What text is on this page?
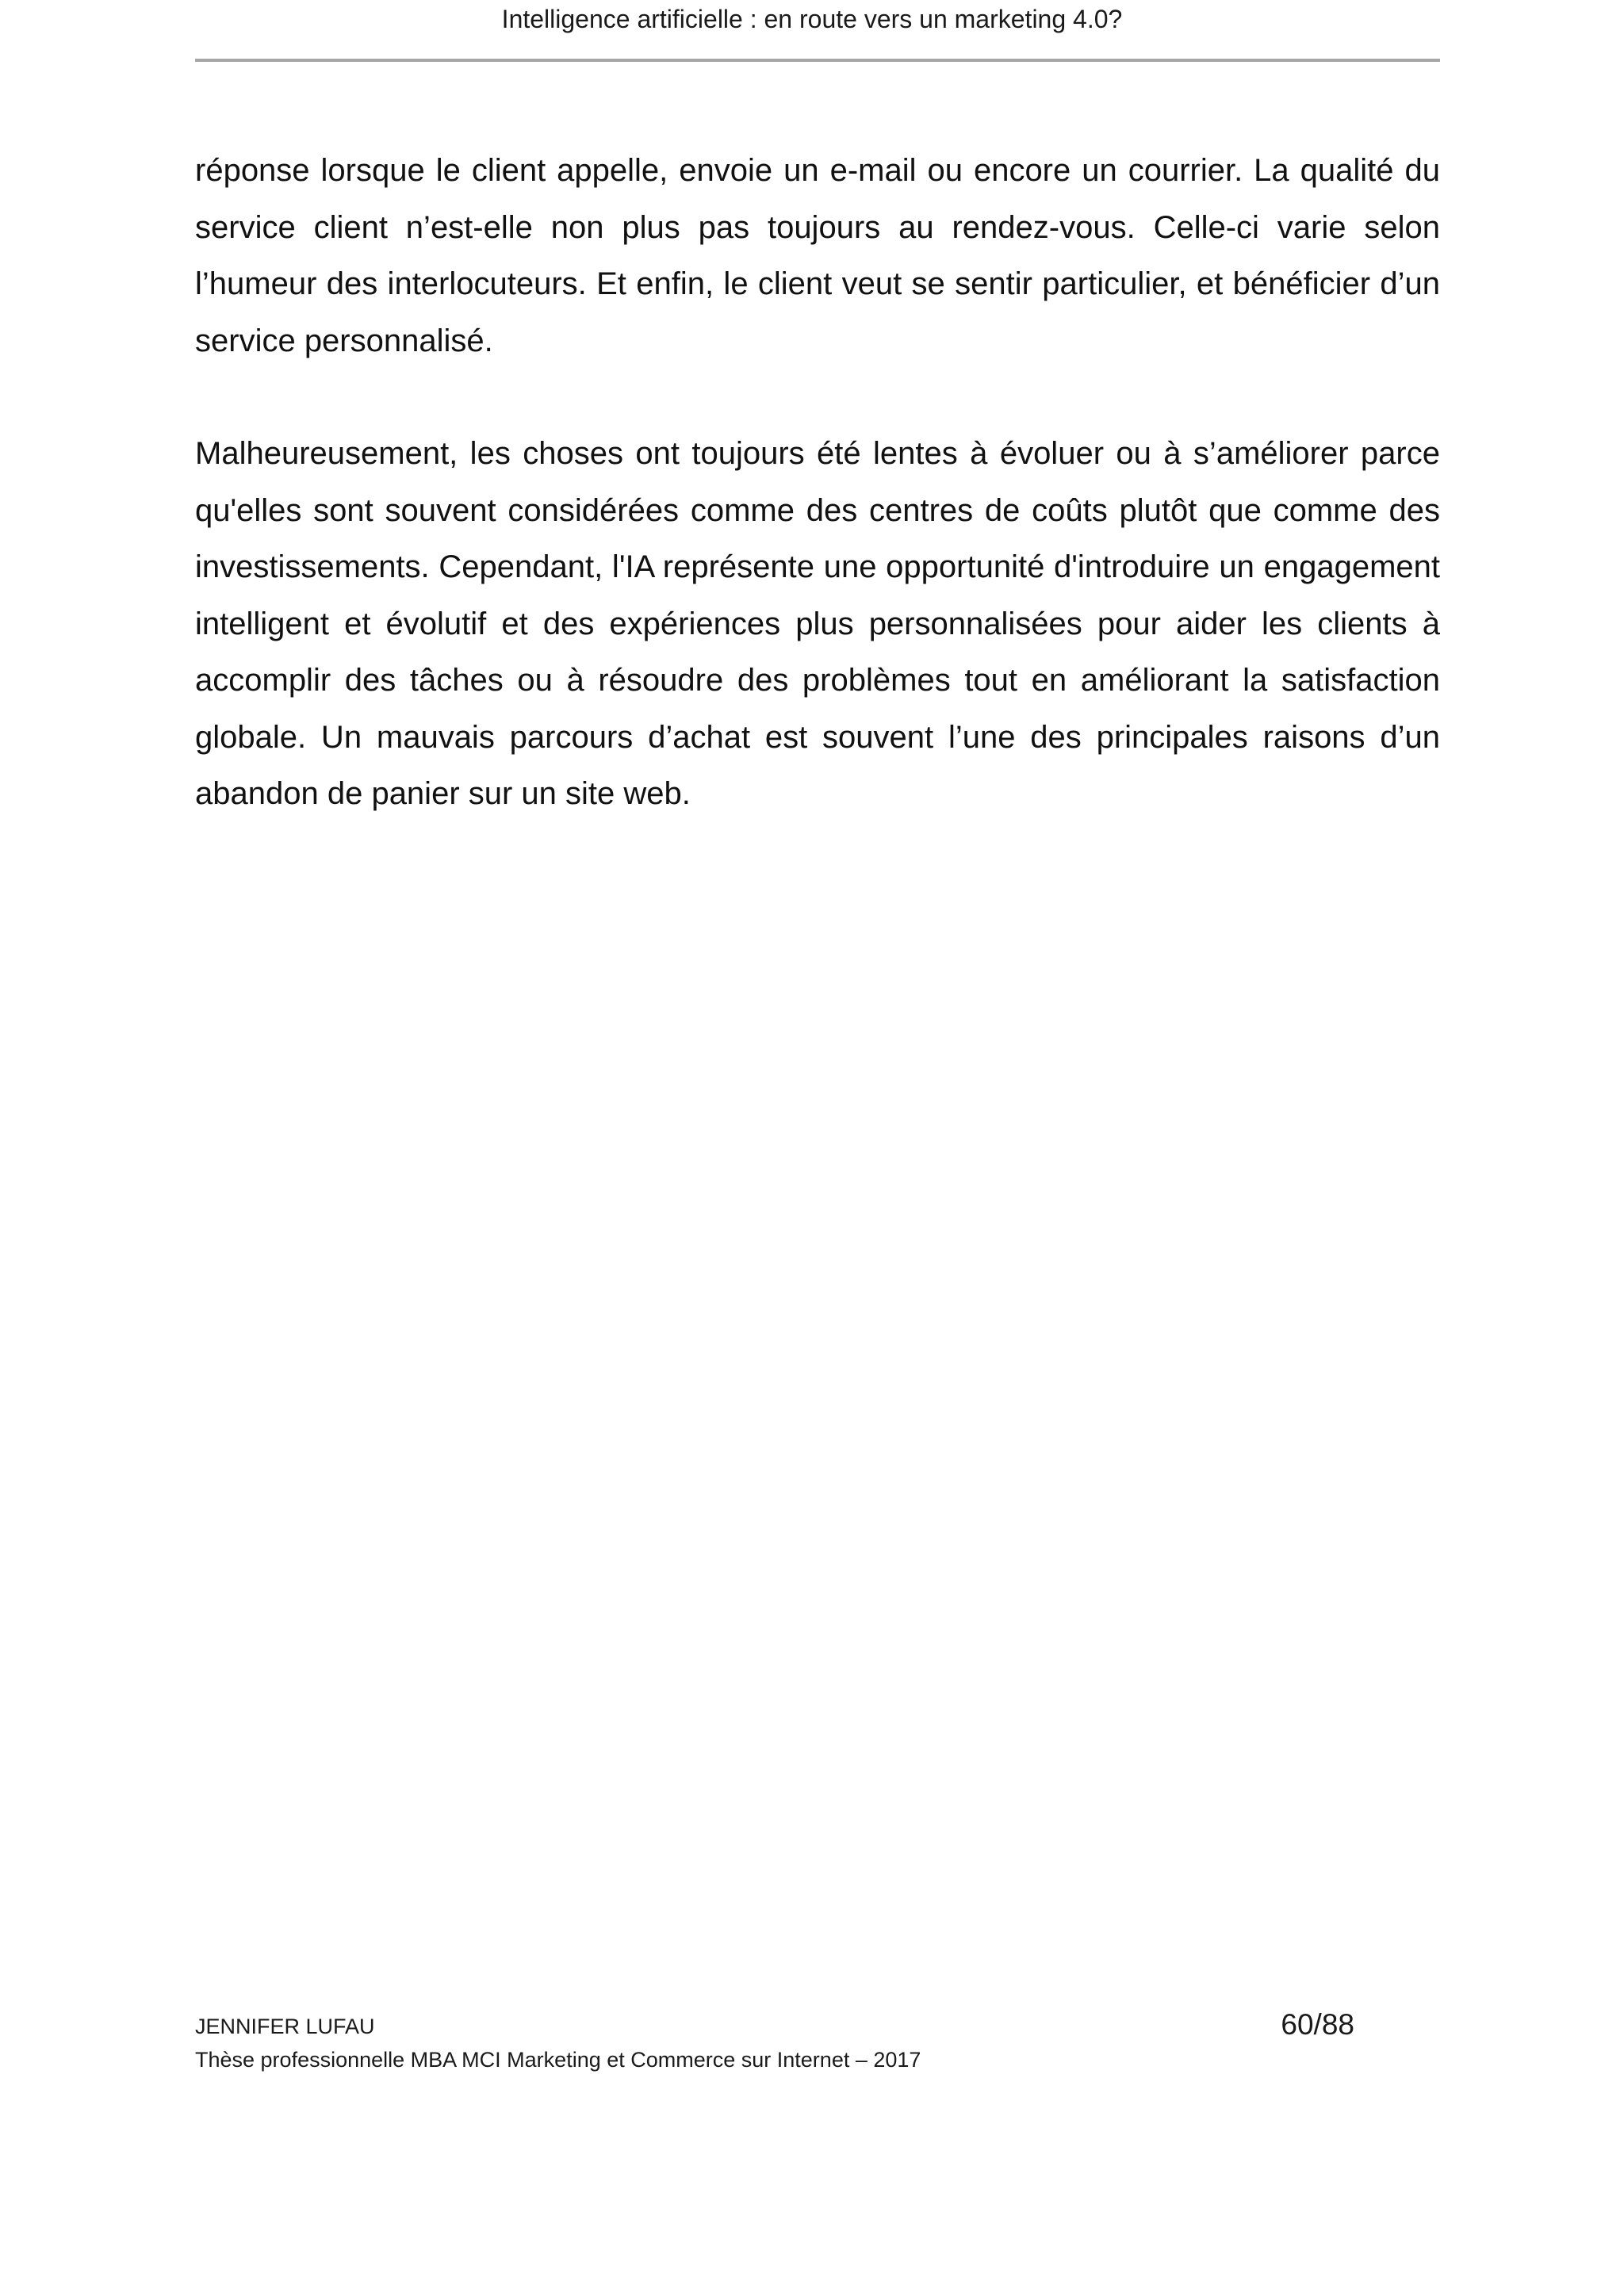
Intelligence artificielle : en route vers un marketing 4.0?

réponse lorsque le client appelle, envoie un e-mail ou encore un courrier. La qualité du service client n’est-elle non plus pas toujours au rendez-vous. Celle-ci varie selon l’humeur des interlocuteurs. Et enfin, le client veut se sentir particulier, et bénéficier d’un service personnalisé.

Malheureusement, les choses ont toujours été lentes à évoluer ou à s’améliorer parce qu'elles sont souvent considérées comme des centres de coûts plutôt que comme des investissements. Cependant, l'IA représente une opportunité d'introduire un engagement intelligent et évolutif et des expériences plus personnalisées pour aider les clients à accomplir des tâches ou à résoudre des problèmes tout en améliorant la satisfaction globale. Un mauvais parcours d’achat est souvent l’une des principales raisons d’un abandon de panier sur un site web.

JENNIFER LUFAU
Thèse professionnelle MBA MCI Marketing et Commerce sur Internet – 2017
60/88
